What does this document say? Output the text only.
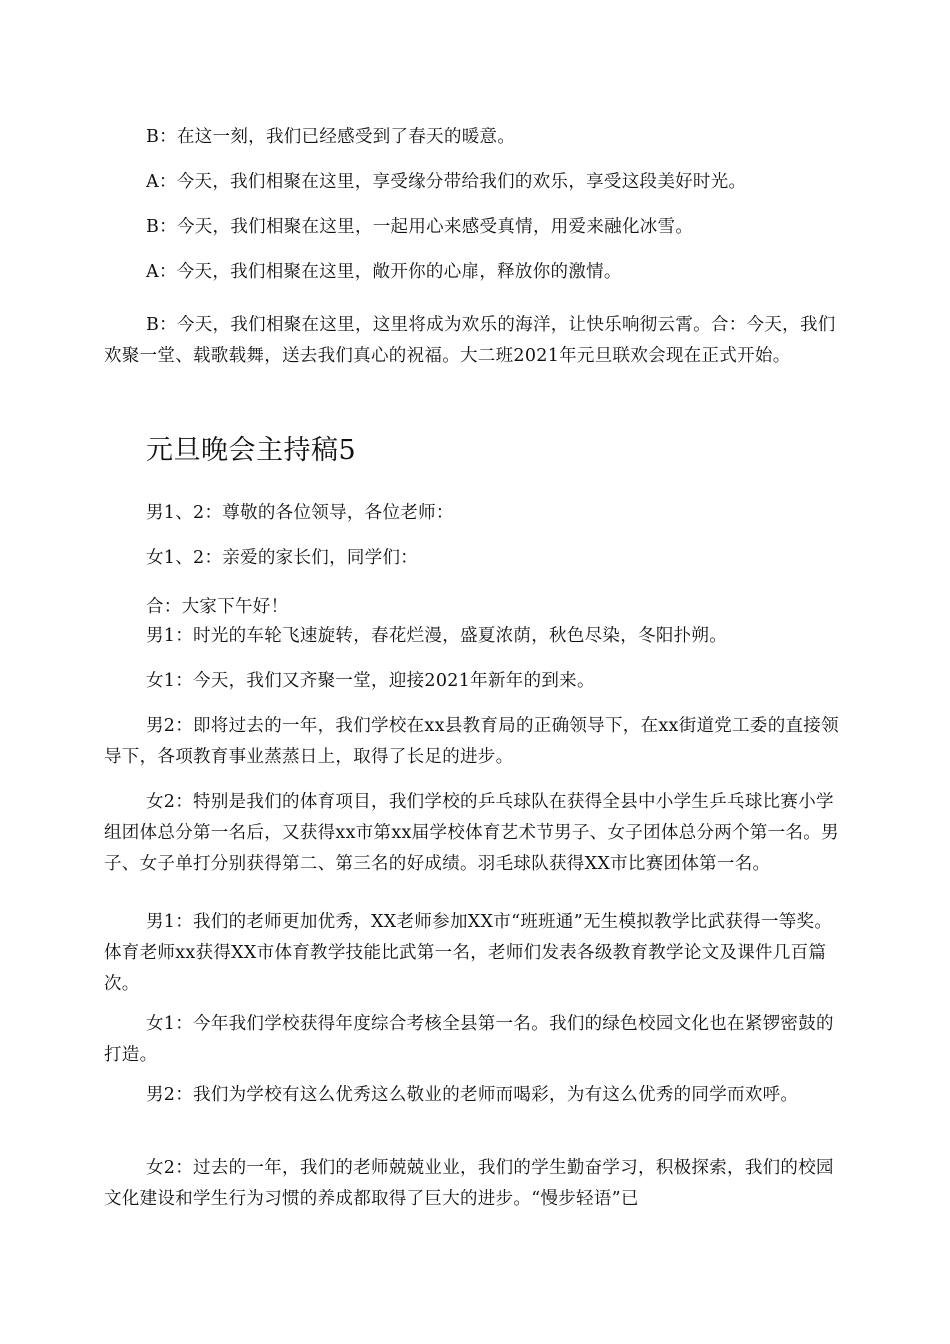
B：在这一刻，我们已经感受到了春天的暖意。

A：今天，我们相聚在这里，享受缘分带给我们的欢乐，享受这段美好时光。

B：今天，我们相聚在这里，一起用心来感受真情，用爱来融化冰雪。

A：今天，我们相聚在这里，敞开你的心扉，释放你的激情。

B：今天，我们相聚在这里，这里将成为欢乐的海洋，让快乐响彻云霄。合：今天，我们欢聚一堂、载歌载舞，送去我们真心的祝福。大二班2021年元旦联欢会现在正式开始。

元旦晚会主持稿5

男1、2：尊敬的各位领导，各位老师：

女1、2：亲爱的家长们，同学们：

合：大家下午好！

男1：时光的车轮飞速旋转，春花烂漫，盛夏浓荫，秋色尽染，冬阳扑朔。

女1：今天，我们又齐聚一堂，迎接2021年新年的到来。

男2：即将过去的一年，我们学校在xx县教育局的正确领导下，在xx街道党工委的直接领导下，各项教育事业蒸蒸日上，取得了长足的进步。

女2：特别是我们的体育项目，我们学校的乒乓球队在获得全县中小学生乒乓球比赛小学组团体总分第一名后，又获得xx市第xx届学校体育艺术节男子、女子团体总分两个第一名。男子、女子单打分别获得第二、第三名的好成绩。羽毛球队获得XX市比赛团体第一名。

男1：我们的老师更加优秀，XX老师参加XX市“班班通”无生模拟教学比武获得一等奖。体育老师xx获得XX市体育教学技能比武第一名，老师们发表各级教育教学论文及课件几百篇次。

女1：今年我们学校获得年度综合考核全县第一名。我们的绿色校园文化也在紧锣密鼓的打造。

男2：我们为学校有这么优秀这么敬业的老师而喝彩，为有这么优秀的同学而欢呼。

女2：过去的一年，我们的老师兢兢业业，我们的学生勤奋学习，积极探索，我们的校园文化建设和学生行为习惯的养成都取得了巨大的进步。“慢步轻语”已
